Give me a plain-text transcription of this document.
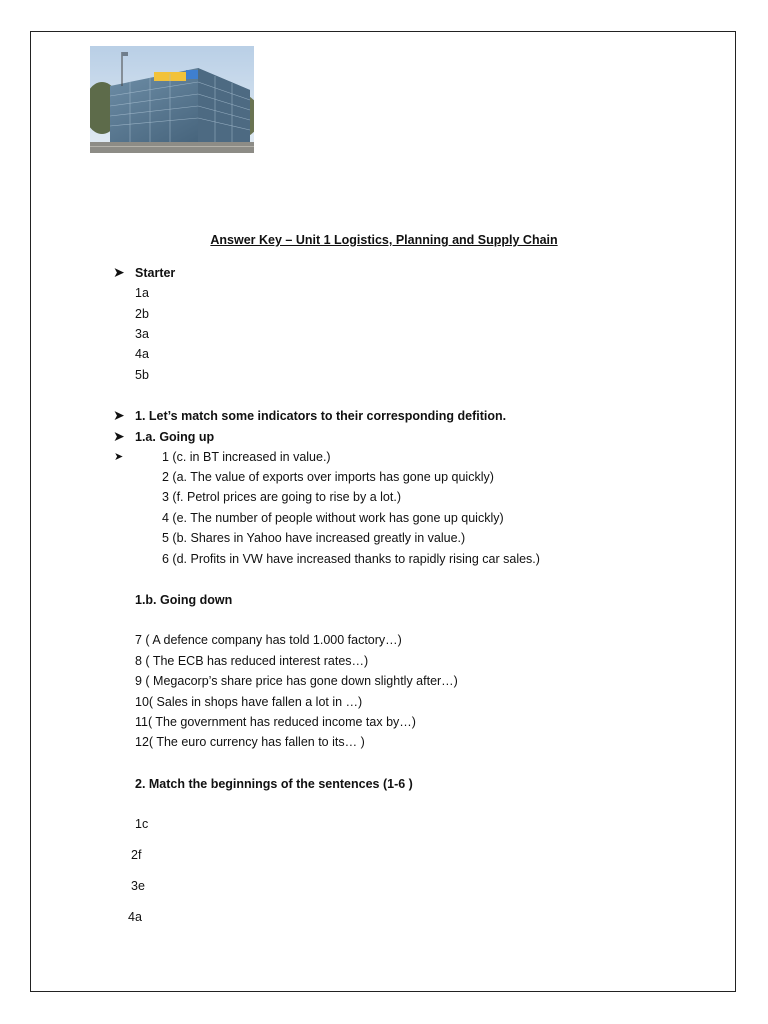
Answer Key – Unit 1 Logistics, Planning and Supply Chain
➤ Starter
1a
2b
3a
4a
5b
➤ 1. Let’s match some indicators to their corresponding defition.
➤ 1.a. Going up
➤	1 (c. in BT increased in value.)
2 (a. The value of exports over imports has gone up quickly)
3 (f. Petrol prices are going to rise by a lot.)
4 (e. The number of people without work has gone up quickly)
5 (b. Shares in Yahoo have increased greatly in value.)
6 (d. Profits in VW have increased thanks to rapidly rising car sales.)
1.b. Going down
7 ( A defence company has told 1.000 factory…)
8 ( The ECB has reduced interest rates…)
9 ( Megacorp’s share price has gone down slightly after…)
10( Sales in shops have fallen a lot in …)
11( The government has reduced income tax by…)
12( The euro currency has fallen to its… )
2. Match the beginnings of the sentences (1-6 )
1c
2f
3e
4a
